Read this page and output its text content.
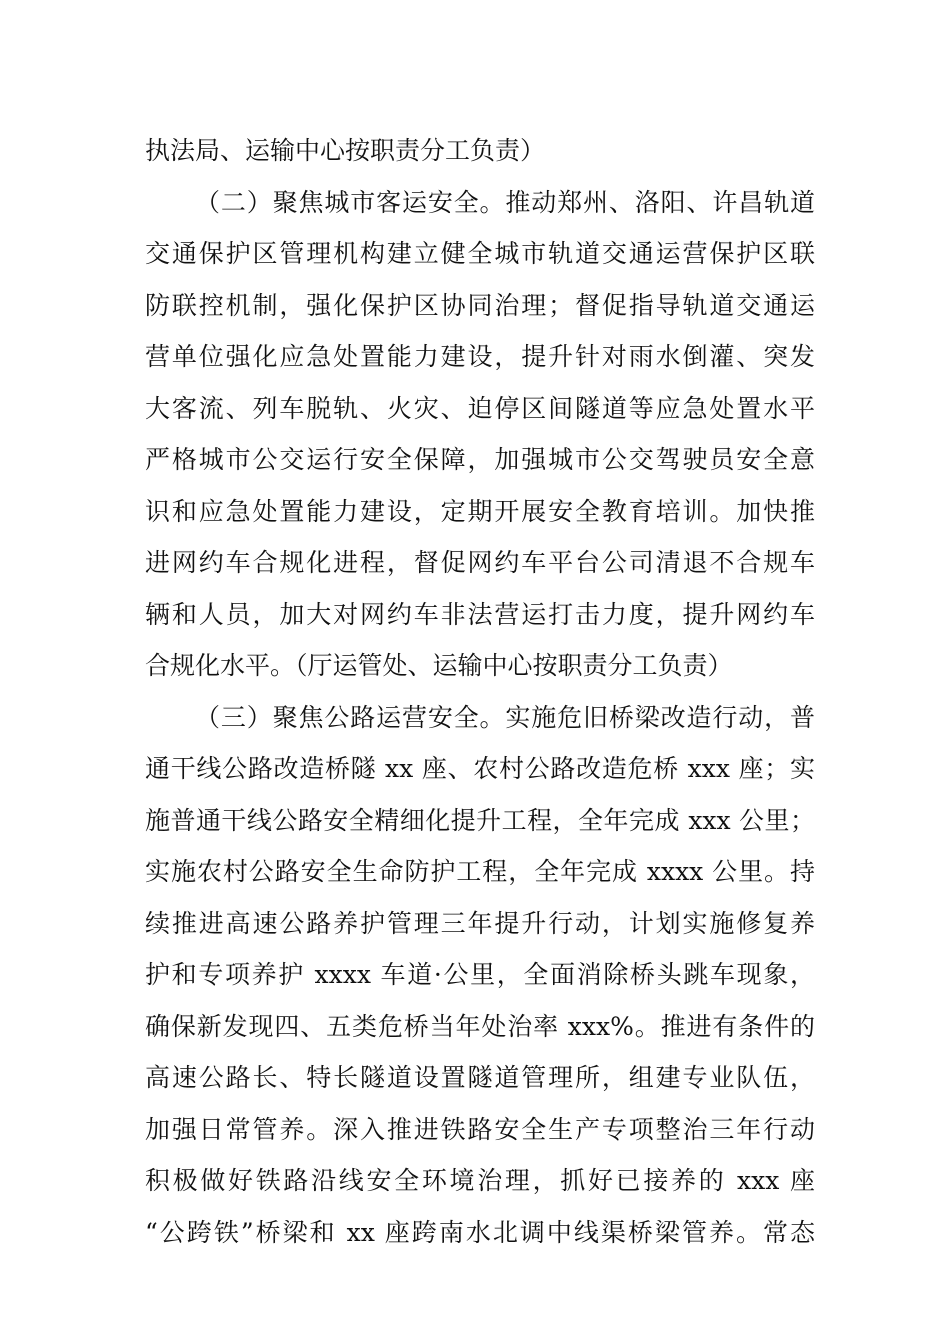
执法局、运输中心按职责分工负责）
（二）聚焦城市客运安全。推动郑州、洛阳、许昌轨道
交通保护区管理机构建立健全城市轨道交通运营保护区联
防联控机制，强化保护区协同治理；督促指导轨道交通运
营单位强化应急处置能力建设，提升针对雨水倒灌、突发
大客流、列车脱轨、火灾、迫停区间隧道等应急处置水平
严格城市公交运行安全保障，加强城市公交驾驶员安全意
识和应急处置能力建设，定期开展安全教育培训。加快推
进网约车合规化进程，督促网约车平台公司清退不合规车
辆和人员，加大对网约车非法营运打击力度，提升网约车
合规化水平。（厅运管处、运输中心按职责分工负责）
（三）聚焦公路运营安全。实施危旧桥梁改造行动，普
通干线公路改造桥隧 xx 座、农村公路改造危桥 xxx 座；实
施普通干线公路安全精细化提升工程，全年完成 xxx 公里；
实施农村公路安全生命防护工程，全年完成 xxxx 公里。持
续推进高速公路养护管理三年提升行动，计划实施修复养
护和专项养护 xxxx 车道·公里，全面消除桥头跳车现象，
确保新发现四、五类危桥当年处治率 xxx%。推进有条件的
高速公路长、特长隧道设置隧道管理所，组建专业队伍，
加强日常管养。深入推进铁路安全生产专项整治三年行动
积极做好铁路沿线安全环境治理，抓好已接养的 xxx 座
“公跨铁”桥梁和 xx 座跨南水北调中线渠桥梁管养。常态
